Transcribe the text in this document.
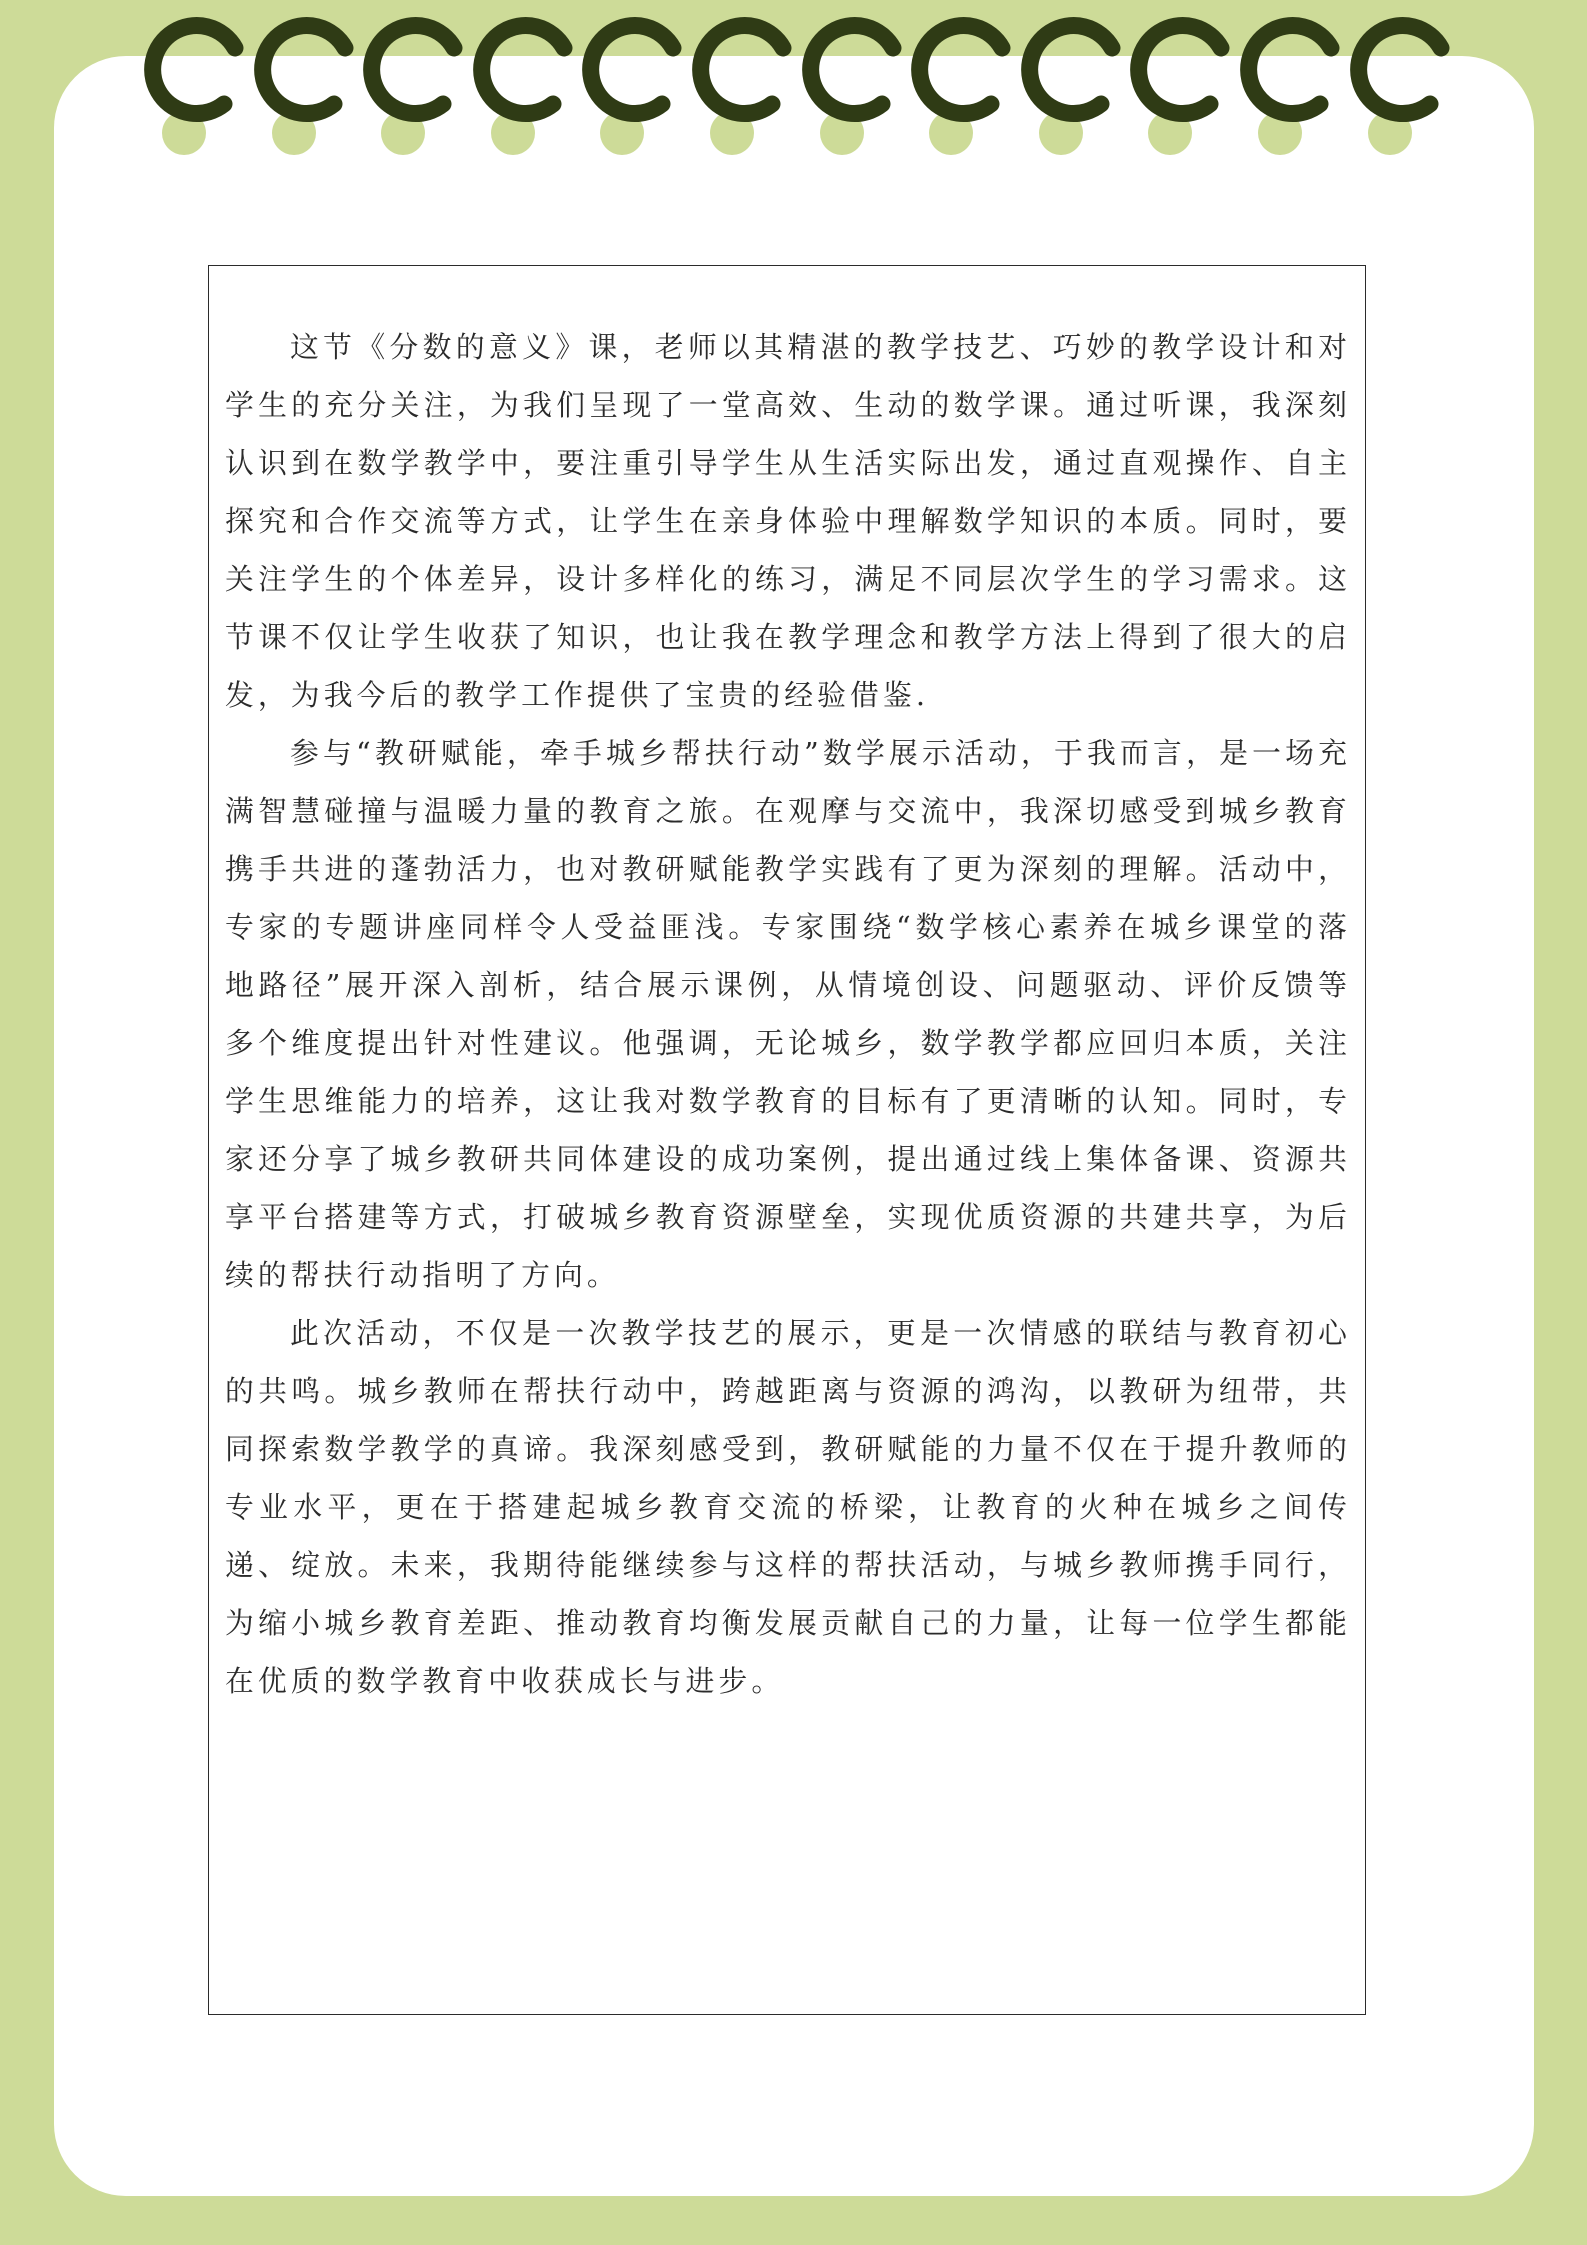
这节《分数的意义》课，老师以其精湛的教学技艺、巧妙的教学设计和对学生的充分关注，为我们呈现了一堂高效、生动的数学课。通过听课，我深刻认识到在数学教学中，要注重引导学生从生活实际出发，通过直观操作、自主探究和合作交流等方式，让学生在亲身体验中理解数学知识的本质。同时，要关注学生的个体差异，设计多样化的练习，满足不同层次学生的学习需求。这节课不仅让学生收获了知识，也让我在教学理念和教学方法上得到了很大的启发，为我今后的教学工作提供了宝贵的经验借鉴.

参与“教研赋能，牵手城乡帮扶行动”数学展示活动，于我而言，是一场充满智慧碰撞与温暖力量的教育之旅。在观摩与交流中，我深切感受到城乡教育携手共进的蓬勃活力，也对教研赋能教学实践有了更为深刻的理解。活动中，专家的专题讲座同样令人受益匪浅。专家围绕“数学核心素养在城乡课堂的落地路径”展开深入剖析，结合展示课例，从情境创设、问题驱动、评价反馈等多个维度提出针对性建议。他强调，无论城乡，数学教学都应回归本质，关注学生思维能力的培养，这让我对数学教育的目标有了更清晰的认知。同时，专家还分享了城乡教研共同体建设的成功案例，提出通过线上集体备课、资源共享平台搭建等方式，打破城乡教育资源壁垒，实现优质资源的共建共享，为后续的帮扶行动指明了方向。

此次活动，不仅是一次教学技艺的展示，更是一次情感的联结与教育初心的共鸣。城乡教师在帮扶行动中，跨越距离与资源的鸿沟，以教研为纽带，共同探索数学教学的真谛。我深刻感受到，教研赋能的力量不仅在于提升教师的专业水平，更在于搭建起城乡教育交流的桥梁，让教育的火种在城乡之间传递、绽放。未来，我期待能继续参与这样的帮扶活动，与城乡教师携手同行，为缩小城乡教育差距、推动教育均衡发展贡献自己的力量，让每一位学生都能在优质的数学教育中收获成长与进步。
